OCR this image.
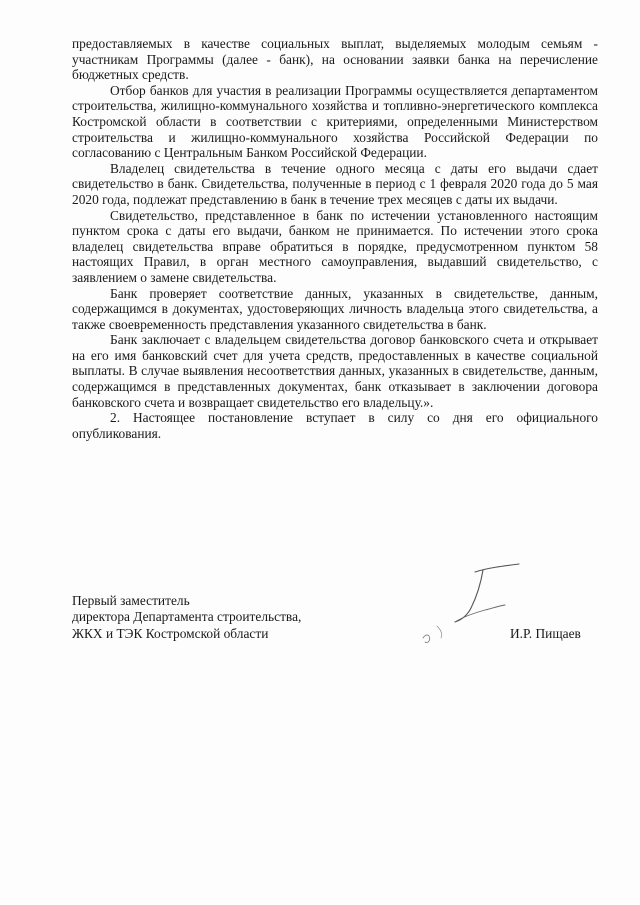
предоставляемых в качестве социальных выплат, выделяемых молодым семьям - участникам Программы (далее - банк), на основании заявки банка на перечисление бюджетных средств.

Отбор банков для участия в реализации Программы осуществляется департаментом строительства, жилищно-коммунального хозяйства и топливно-энергетического комплекса Костромской области в соответствии с критериями, определенными Министерством строительства и жилищно-коммунального хозяйства Российской Федерации по согласованию с Центральным Банком Российской Федерации.

Владелец свидетельства в течение одного месяца с даты его выдачи сдает свидетельство в банк. Свидетельства, полученные в период с 1 февраля 2020 года до 5 мая 2020 года, подлежат представлению в банк в течение трех месяцев с даты их выдачи.

Свидетельство, представленное в банк по истечении установленного настоящим пунктом срока с даты его выдачи, банком не принимается. По истечении этого срока владелец свидетельства вправе обратиться в порядке, предусмотренном пунктом 58 настоящих Правил, в орган местного самоуправления, выдавший свидетельство, с заявлением о замене свидетельства.

Банк проверяет соответствие данных, указанных в свидетельстве, данным, содержащимся в документах, удостоверяющих личность владельца этого свидетельства, а также своевременность представления указанного свидетельства в банк.

Банк заключает с владельцем свидетельства договор банковского счета и открывает на его имя банковский счет для учета средств, предоставленных в качестве социальной выплаты. В случае выявления несоответствия данных, указанных в свидетельстве, данным, содержащимся в представленных документах, банк отказывает в заключении договора банковского счета и возвращает свидетельство его владельцу.».

2. Настоящее постановление вступает в силу со дня его официального опубликования.

Первый заместитель
директора Департамента строительства,
ЖКХ и ТЭК Костромской области	И.Р. Пищаев
